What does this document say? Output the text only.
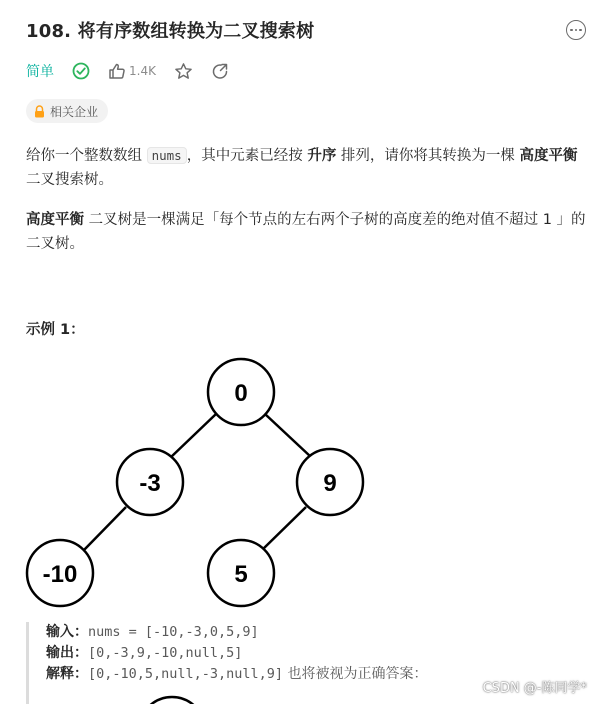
108. 将有序数组转换为二叉搜索树
简单	1.4K
相关企业
给你一个整数数组 nums ，其中元素已经按 升序 排列，请你将其转换为一棵 高度平衡 二叉搜索树。
高度平衡 二叉树是一棵满足「每个节点的左右两个子树的高度差的绝对值不超过 1 」的二叉树。
示例 1：
0
-3	9
-10	5
输入：nums = [-10,-3,0,5,9]
输出：[0,-3,9,-10,null,5]
解释：[0,-10,5,null,-3,null,9] 也将被视为正确答案：
CSDN @-陈同学*
